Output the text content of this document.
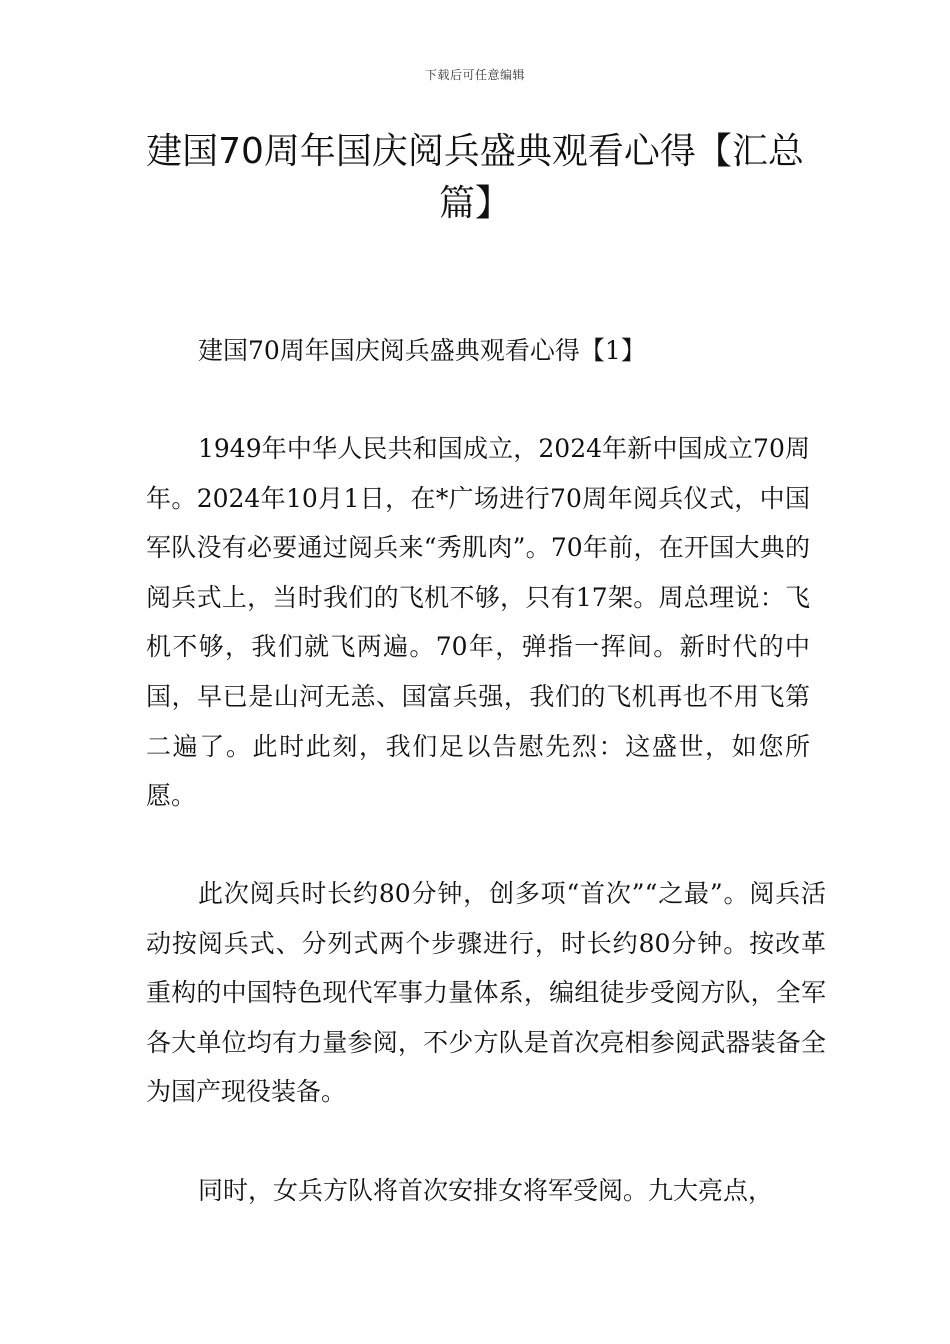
下载后可任意编辑
建国70周年国庆阅兵盛典观看心得【汇总篇】

建国70周年国庆阅兵盛典观看心得【1】

1949年中华人民共和国成立，2024年新中国成立70周年。2024年10月1日，在*广场进行70周年阅兵仪式，中国军队没有必要通过阅兵来“秀肌肉”。70年前，在开国大典的阅兵式上，当时我们的飞机不够，只有17架。周总理说：飞机不够，我们就飞两遍。70年，弹指一挥间。新时代的中国，早已是山河无恙、国富兵强，我们的飞机再也不用飞第二遍了。此时此刻，我们足以告慰先烈：这盛世，如您所愿。

此次阅兵时长约80分钟，创多项“首次”“之最”。阅兵活动按阅兵式、分列式两个步骤进行，时长约80分钟。按改革重构的中国特色现代军事力量体系，编组徒步受阅方队，全军各大单位均有力量参阅，不少方队是首次亮相参阅武器装备全为国产现役装备。

同时，女兵方队将首次安排女将军受阅。九大亮点，
